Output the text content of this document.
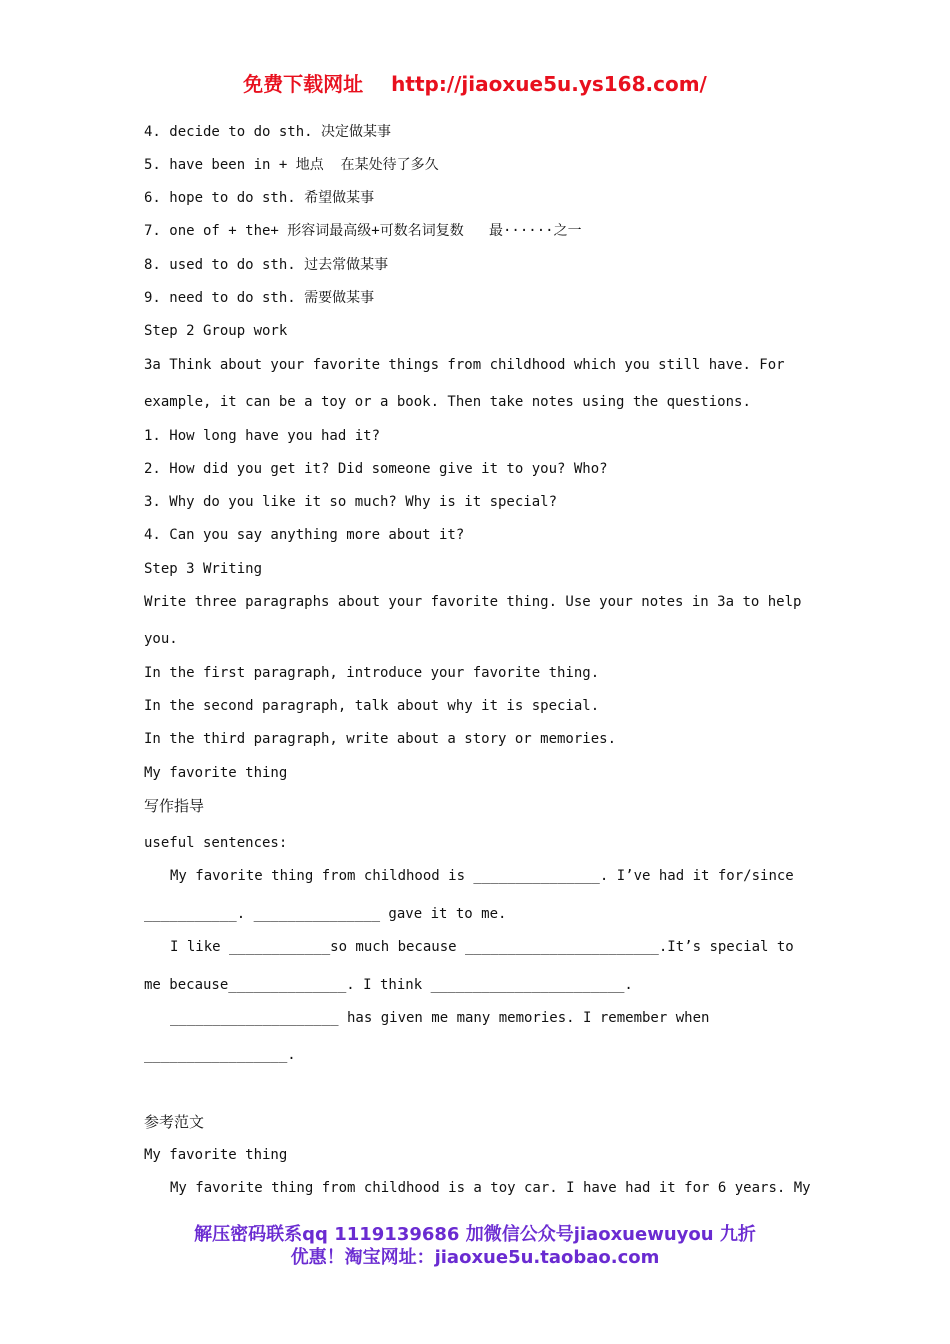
免费下载网址 http://jiaoxue5u.ys168.com/
4. decide to do sth. 决定做某事
5. have been in + 地点  在某处待了多久
6. hope to do sth. 希望做某事
7. one of + the+ 形容词最高级+可数名词复数   最······之一
8. used to do sth. 过去常做某事
9. need to do sth. 需要做某事
Step 2 Group work
3a Think about your favorite things from childhood which you still have. For
example, it can be a toy or a book. Then take notes using the questions.
1. How long have you had it?
2. How did you get it? Did someone give it to you? Who?
3. Why do you like it so much? Why is it special?
4. Can you say anything more about it?
Step 3 Writing
Write three paragraphs about your favorite thing. Use your notes in 3a to help
you.
In the first paragraph, introduce your favorite thing.
In the second paragraph, talk about why it is special.
In the third paragraph, write about a story or memories.
My favorite thing
写作指导
useful sentences:
My favorite thing from childhood is _______________. I’ve had it for/since
___________. _______________ gave it to me.
I like ____________so much because _______________________.It’s special to
me because______________. I think _______________________.
____________________ has given me many memories. I remember when
_________________.
参考范文
My favorite thing
My favorite thing from childhood is a toy car. I have had it for 6 years. My
解压密码联系qq 1119139686 加微信公众号jiaoxuewuyou 九折
优惠！淘宝网址：jiaoxue5u.taobao.com
